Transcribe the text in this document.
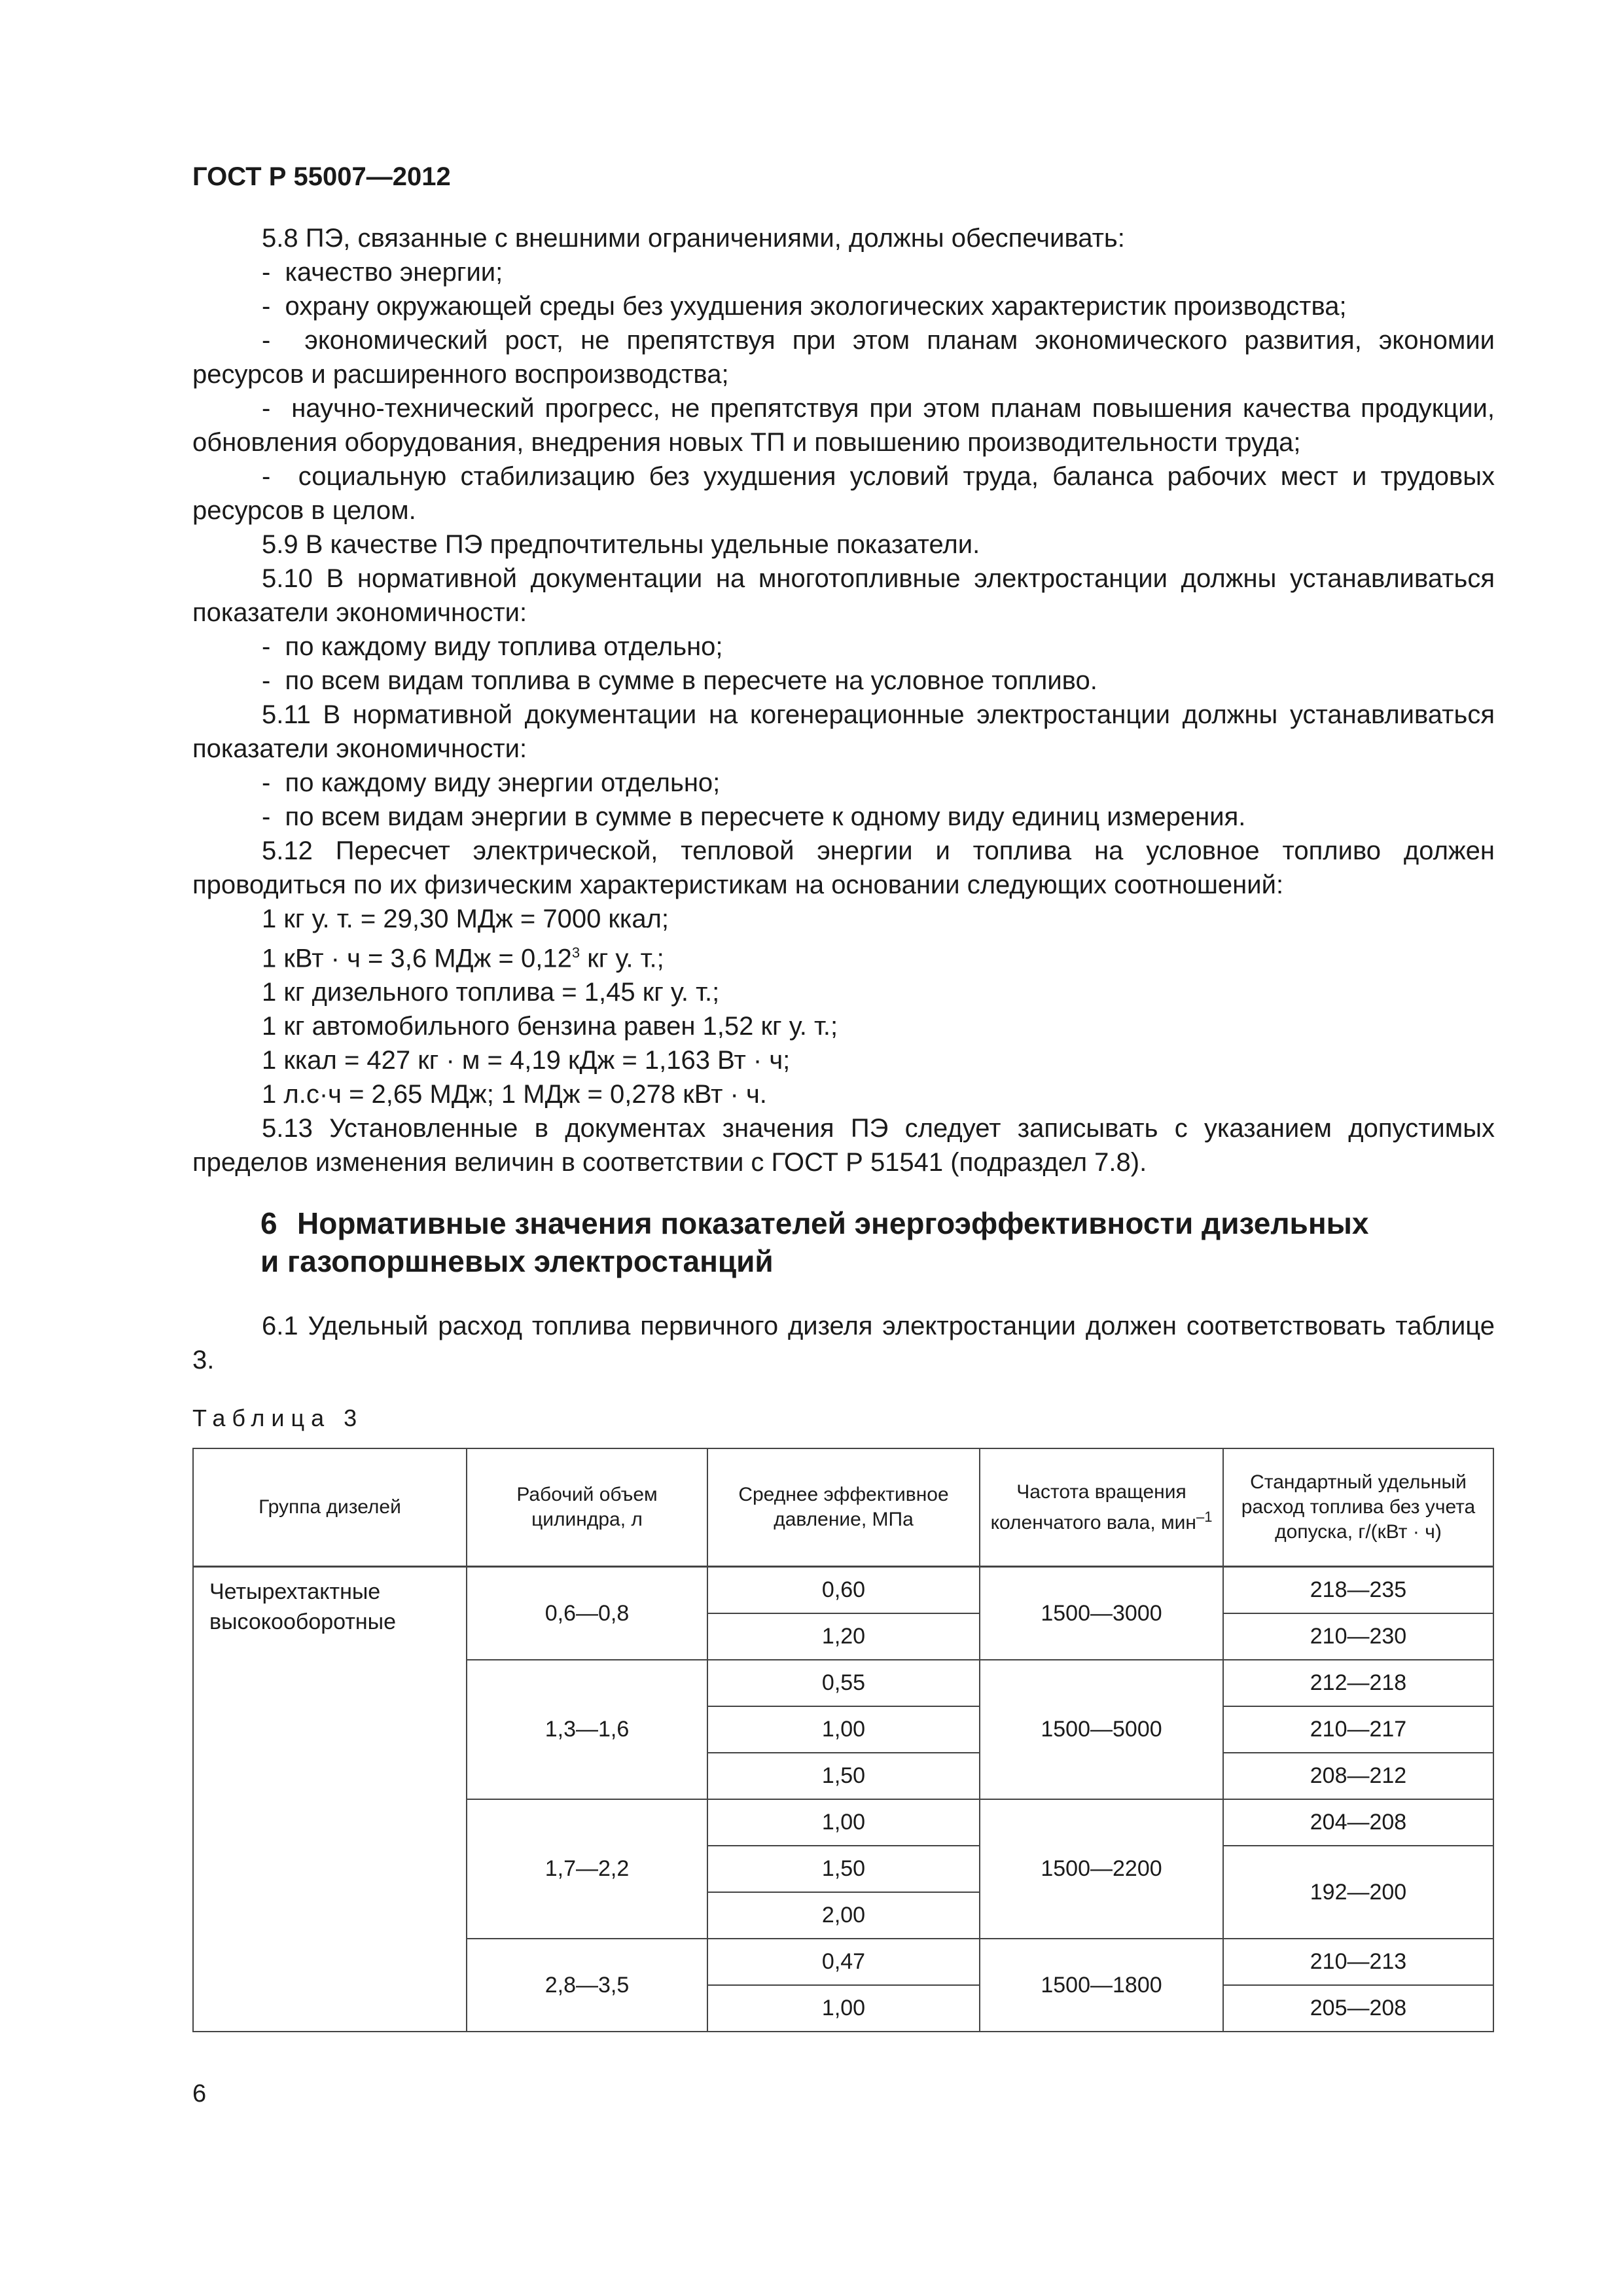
ГОСТ Р 55007—2012

5.8 ПЭ, связанные с внешними ограничениями, должны обеспечивать:

-  качество энергии;

-  охрану окружающей среды без ухудшения экологических характеристик производства;

-  экономический рост, не препятствуя при этом планам экономического развития, экономии ресурсов и расширенного воспроизводства;

-  научно-технический прогресс, не препятствуя при этом планам повышения качества продукции, обновления оборудования, внедрения новых ТП и повышению производительности труда;

-  социальную стабилизацию без ухудшения условий труда, баланса рабочих мест и трудовых ресурсов в целом.

5.9 В качестве ПЭ предпочтительны удельные показатели.

5.10 В нормативной документации на многотопливные электростанции должны устанавливаться показатели экономичности:

-  по каждому виду топлива отдельно;

-  по всем видам топлива в сумме в пересчете на условное топливо.

5.11 В нормативной документации на когенерационные электростанции должны устанавливаться показатели экономичности:

-  по каждому виду энергии отдельно;

-  по всем видам энергии в сумме в пересчете к одному виду единиц измерения.

5.12 Пересчет электрической, тепловой энергии и топлива на условное топливо должен проводиться по их физическим характеристикам на основании следующих соотношений:

1 кг у. т. = 29,30 МДж = 7000 ккал;

1 кВт · ч = 3,6 МДж = $0,12^3$ кг у. т.;

1 кг дизельного топлива = 1,45 кг у. т.;

1 кг автомобильного бензина равен 1,52 кг у. т.;

1 ккал = 427 кг · м = 4,19 кДж = 1,163 Вт · ч;

1 л.с·ч = 2,65 МДж; 1 МДж = 0,278 кВт · ч.

5.13 Установленные в документах значения ПЭ следует записывать с указанием допустимых пределов изменения величин в соответствии с ГОСТ Р 51541 (подраздел 7.8).

6 Нормативные значения показателей энергоэффективности дизельных
и газопоршневых электростанций

6.1 Удельный расход топлива первичного дизеля электростанции должен соответствовать таблице 3.

Таблица 3
Группа дизелей	Рабочий объем цилиндра, л	Среднее эффективное давление, МПа	Частота вращения коленчатого вала, мин$^{-1}$	Стандартный удельный расход топлива без учета допуска, г/(кВт · ч)
Четырехтактные высокооборотные	0,6—0,8	0,60	1500—3000	218—235
		1,20		210—230
	1,3—1,6	0,55	1500—5000	212—218
		1,00		210—217
		1,50		208—212
	1,7—2,2	1,00	1500—2200	204—208
		1,50		192—200
		2,00		
	2,8—3,5	0,47	1500—1800	210—213
		1,00		205—208
6
